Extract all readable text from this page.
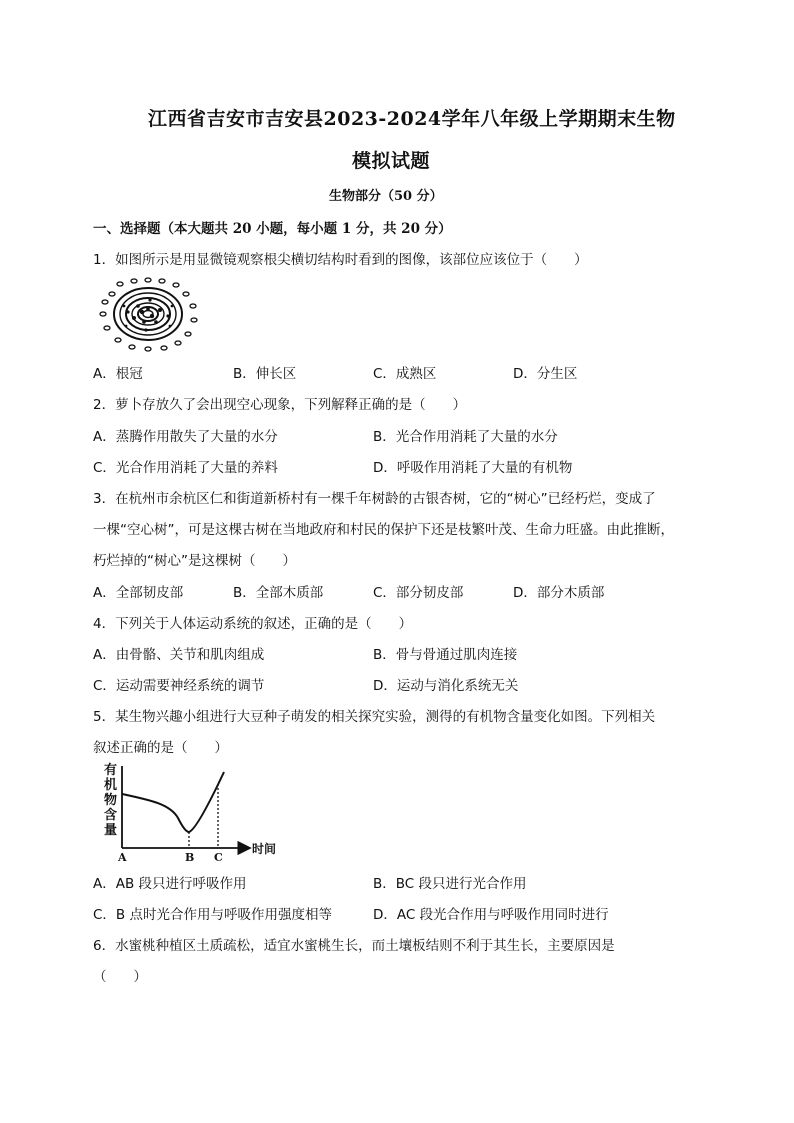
江西省吉安市吉安县2023-2024学年八年级上学期期末生物
模拟试题
生物部分（50 分）
一、选择题（本大题共 20 小题，每小题 1 分，共 20 分）
1．如图所示是用显微镜观察根尖横切结构时看到的图像，该部位应该位于（　　）
A．根冠	B．伸长区	C．成熟区	D．分生区
2．萝卜存放久了会出现空心现象，下列解释正确的是（　　）
A．蒸腾作用散失了大量的水分	B．光合作用消耗了大量的水分
C．光合作用消耗了大量的养料	D．呼吸作用消耗了大量的有机物
3．在杭州市余杭区仁和街道新桥村有一棵千年树龄的古银杏树，它的“树心”已经朽烂，变成了
一棵“空心树”，可是这棵古树在当地政府和村民的保护下还是枝繁叶茂、生命力旺盛。由此推断，
朽烂掉的“树心”是这棵树（　　）
A．全部韧皮部	B．全部木质部	C．部分韧皮部	D．部分木质部
4．下列关于人体运动系统的叙述，正确的是（　　）
A．由骨骼、关节和肌肉组成	B．骨与骨通过肌肉连接
C．运动需要神经系统的调节	D．运动与消化系统无关
5．某生物兴趣小组进行大豆种子萌发的相关探究实验，测得的有机物含量变化如图。下列相关
叙述正确的是（　　）
有
机
物
含
量
时间
A	B C
A．AB 段只进行呼吸作用	B．BC 段只进行光合作用
C．B 点时光合作用与呼吸作用强度相等	D．AC 段光合作用与呼吸作用同时进行
6．水蜜桃种植区土质疏松，适宜水蜜桃生长，而土壤板结则不利于其生长，主要原因是
（　　）
